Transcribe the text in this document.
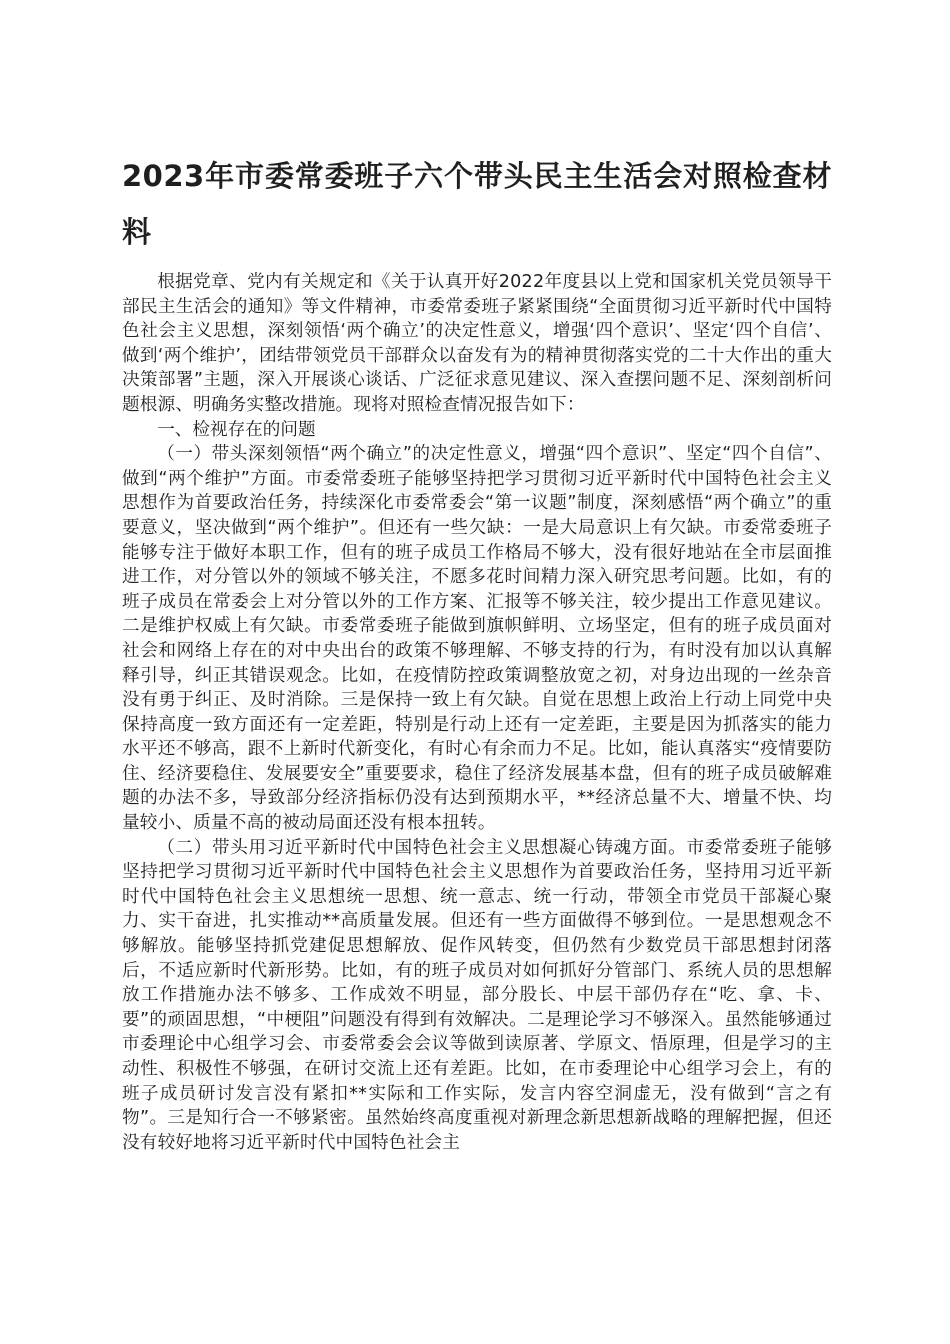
2023年市委常委班子六个带头民主生活会对照检查材料

根据党章、党内有关规定和《关于认真开好2022年度县以上党和国家机关党员领导干部民主生活会的通知》等文件精神，市委常委班子紧紧围绕“全面贯彻习近平新时代中国特色社会主义思想，深刻领悟‘两个确立’的决定性意义，增强‘四个意识’、坚定‘四个自信’、做到‘两个维护’，团结带领党员干部群众以奋发有为的精神贯彻落实党的二十大作出的重大决策部署”主题，深入开展谈心谈话、广泛征求意见建议、深入查摆问题不足、深刻剖析问题根源、明确务实整改措施。现将对照检查情况报告如下：

一、检视存在的问题

（一）带头深刻领悟“两个确立”的决定性意义，增强“四个意识”、坚定“四个自信”、做到“两个维护”方面。市委常委班子能够坚持把学习贯彻习近平新时代中国特色社会主义思想作为首要政治任务，持续深化市委常委会“第一议题”制度，深刻感悟“两个确立”的重要意义，坚决做到“两个维护”。但还有一些欠缺：一是大局意识上有欠缺。市委常委班子能够专注于做好本职工作，但有的班子成员工作格局不够大，没有很好地站在全市层面推进工作，对分管以外的领域不够关注，不愿多花时间精力深入研究思考问题。比如，有的班子成员在常委会上对分管以外的工作方案、汇报等不够关注，较少提出工作意见建议。二是维护权威上有欠缺。市委常委班子能做到旗帜鲜明、立场坚定，但有的班子成员面对社会和网络上存在的对中央出台的政策不够理解、不够支持的行为，有时没有加以认真解释引导，纠正其错误观念。比如，在疫情防控政策调整放宽之初，对身边出现的一丝杂音没有勇于纠正、及时消除。三是保持一致上有欠缺。自觉在思想上政治上行动上同党中央保持高度一致方面还有一定差距，特别是行动上还有一定差距，主要是因为抓落实的能力水平还不够高，跟不上新时代新变化，有时心有余而力不足。比如，能认真落实“疫情要防住、经济要稳住、发展要安全”重要要求，稳住了经济发展基本盘，但有的班子成员破解难题的办法不多，导致部分经济指标仍没有达到预期水平，**经济总量不大、增量不快、均量较小、质量不高的被动局面还没有根本扭转。

（二）带头用习近平新时代中国特色社会主义思想凝心铸魂方面。市委常委班子能够坚持把学习贯彻习近平新时代中国特色社会主义思想作为首要政治任务，坚持用习近平新时代中国特色社会主义思想统一思想、统一意志、统一行动，带领全市党员干部凝心聚力、实干奋进，扎实推动**高质量发展。但还有一些方面做得不够到位。一是思想观念不够解放。能够坚持抓党建促思想解放、促作风转变，但仍然有少数党员干部思想封闭落后，不适应新时代新形势。比如，有的班子成员对如何抓好分管部门、系统人员的思想解放工作措施办法不够多、工作成效不明显，部分股长、中层干部仍存在“吃、拿、卡、要”的顽固思想，“中梗阻”问题没有得到有效解决。二是理论学习不够深入。虽然能够通过市委理论中心组学习会、市委常委会会议等做到读原著、学原文、悟原理，但是学习的主动性、积极性不够强，在研讨交流上还有差距。比如，在市委理论中心组学习会上，有的班子成员研讨发言没有紧扣**实际和工作实际，发言内容空洞虚无，没有做到“言之有物”。三是知行合一不够紧密。虽然始终高度重视对新理念新思想新战略的理解把握，但还没有较好地将习近平新时代中国特色社会主
